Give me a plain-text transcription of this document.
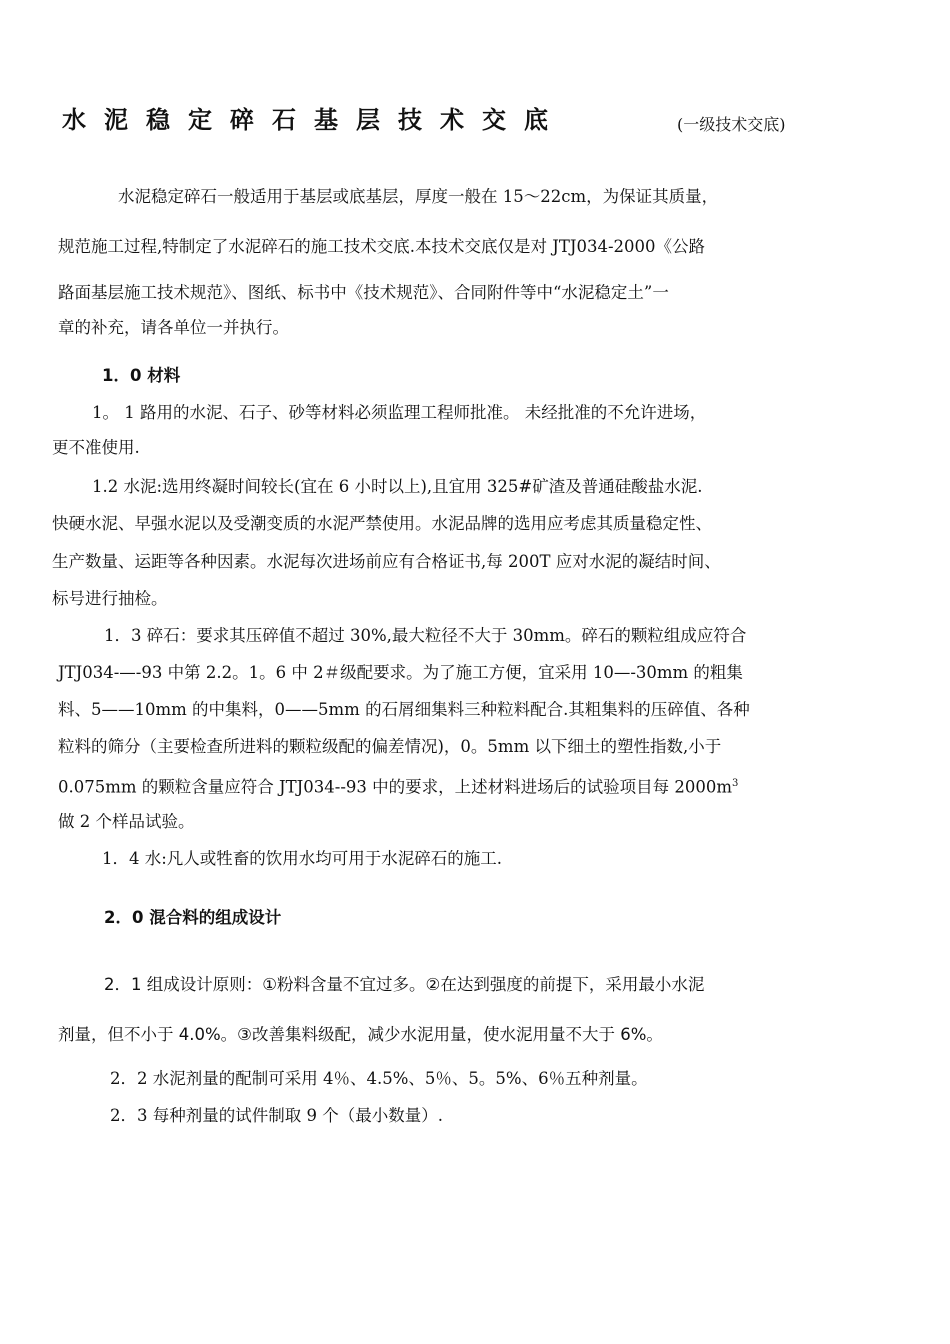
水泥稳定碎石基层技术交底	(一级技术交底)
水泥稳定碎石一般适用于基层或底基层，厚度一般在 15～22cm，为保证其质量，
规范施工过程,特制定了水泥碎石的施工技术交底.本技术交底仅是对 JTJ034-2000《公路
路面基层施工技术规范》、图纸、标书中《技术规范》、合同附件等中“水泥稳定土”一
章的补充，请各单位一并执行。
1．0 材料
1。 1 路用的水泥、石子、砂等材料必须监理工程师批准。 未经批准的不允许进场，
更不准使用.
1.2 水泥:选用终凝时间较长(宜在 6 小时以上),且宜用 325#矿渣及普通硅酸盐水泥.
快硬水泥、早强水泥以及受潮变质的水泥严禁使用。水泥品牌的选用应考虑其质量稳定性、
生产数量、运距等各种因素。水泥每次进场前应有合格证书,每 200T 应对水泥的凝结时间、
标号进行抽检。
1．3 碎石：要求其压碎值不超过 30%,最大粒径不大于 30mm。碎石的颗粒组成应符合
JTJ034-—-93 中第 2.2。1。6 中 2＃级配要求。为了施工方便，宜采用 10—-30mm 的粗集
料、5——10mm 的中集料，0——5mm 的石屑细集料三种粒料配合.其粗集料的压碎值、各种
粒料的筛分（主要检查所进料的颗粒级配的偏差情况)，0。5mm 以下细土的塑性指数,小于
0.075mm 的颗粒含量应符合 JTJ034--93 中的要求，上述材料进场后的试验项目每 $2000m^3$
做 2 个样品试验。
1．4 水:凡人或牲畜的饮用水均可用于水泥碎石的施工.
2．0 混合料的组成设计
2．1 组成设计原则：①粉料含量不宜过多。②在达到强度的前提下，采用最小水泥
剂量，但不小于 4.0%。③改善集料级配，减少水泥用量，使水泥用量不大于 6%。
2．2 水泥剂量的配制可采用 4％、4.5%、5％、5。5%、6％五种剂量。
2．3 每种剂量的试件制取 9 个（最小数量）.
